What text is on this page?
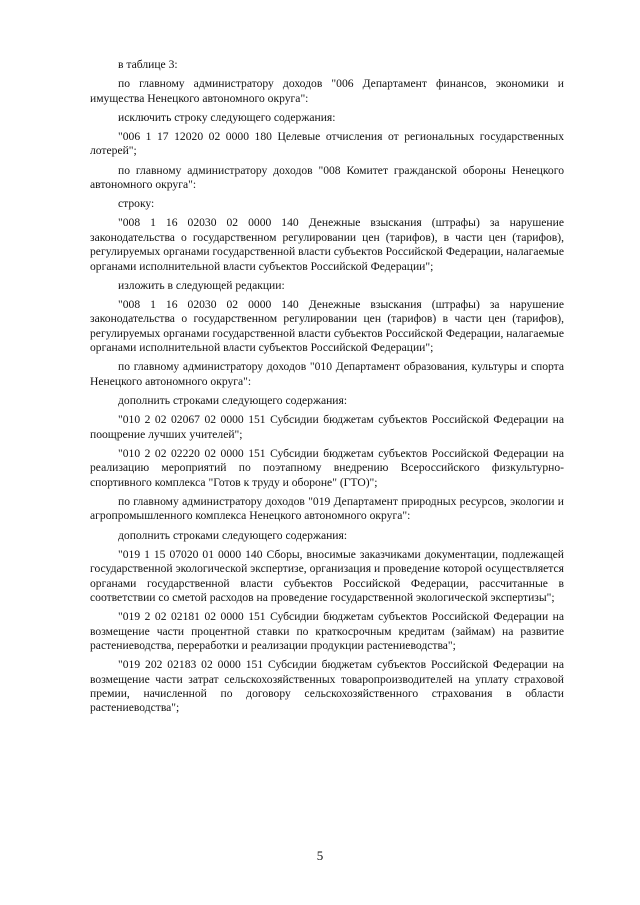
в таблице 3:

по главному администратору доходов "006 Департамент финансов, экономики и имущества Ненецкого автономного округа":

исключить строку следующего содержания:

"006 1 17 12020 02 0000 180 Целевые отчисления от региональных государственных лотерей";

по главному администратору доходов "008 Комитет гражданской обороны Ненецкого автономного округа":

строку:

"008 1 16 02030 02 0000 140 Денежные взыскания (штрафы) за нарушение законодательства о государственном регулировании цен (тарифов), в части цен (тарифов), регулируемых органами государственной власти субъектов Российской Федерации, налагаемые органами исполнительной власти субъектов Российской Федерации";

изложить в следующей редакции:

"008 1 16 02030 02 0000 140 Денежные взыскания (штрафы) за нарушение законодательства о государственном регулировании цен (тарифов) в части цен (тарифов), регулируемых органами государственной власти субъектов Российской Федерации, налагаемые органами исполнительной власти субъектов Российской Федерации";

по главному администратору доходов "010 Департамент образования, культуры и спорта Ненецкого автономного округа":

дополнить строками следующего содержания:

"010 2 02 02067 02 0000 151 Субсидии бюджетам субъектов Российской Федерации на поощрение лучших учителей";

"010 2 02 02220 02 0000 151 Субсидии бюджетам субъектов Российской Федерации на реализацию мероприятий по поэтапному внедрению Всероссийского физкультурно-спортивного комплекса "Готов к труду и обороне" (ГТО)";

по главному администратору доходов "019 Департамент природных ресурсов, экологии и агропромышленного комплекса Ненецкого автономного округа":

дополнить строками следующего содержания:

"019 1 15 07020 01 0000 140 Сборы, вносимые заказчиками документации, подлежащей государственной экологической экспертизе, организация и проведение которой осуществляется органами государственной власти субъектов Российской Федерации, рассчитанные в соответствии со сметой расходов на проведение государственной экологической экспертизы";

"019 2 02 02181 02 0000 151 Субсидии бюджетам субъектов Российской Федерации на возмещение части процентной ставки по краткосрочным кредитам (займам) на развитие растениеводства, переработки и реализации продукции растениеводства";

"019 202 02183 02 0000 151 Субсидии бюджетам субъектов Российской Федерации на возмещение части затрат сельскохозяйственных товаропроизводителей на уплату страховой премии, начисленной по договору сельскохозяйственного страхования в области растениеводства";

5
